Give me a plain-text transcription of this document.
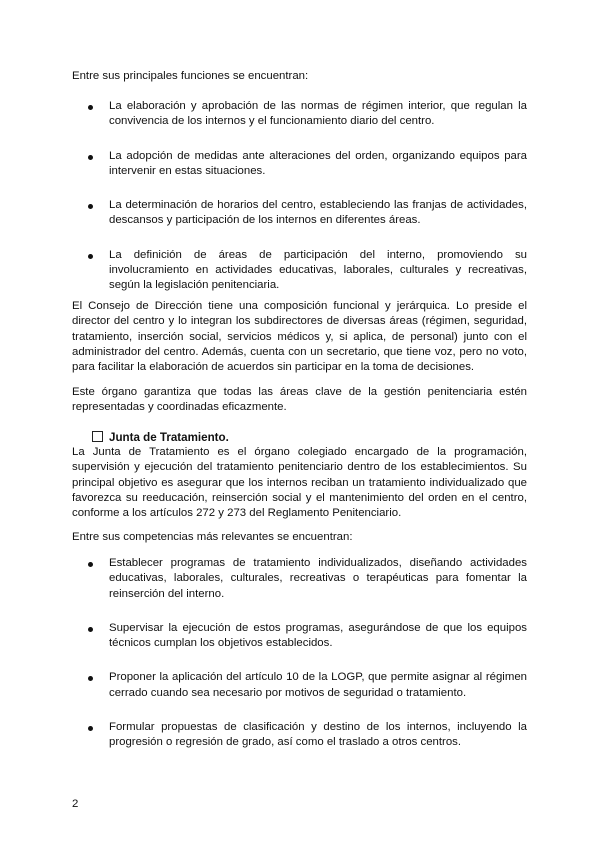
Entre sus principales funciones se encuentran:

La elaboración y aprobación de las normas de régimen interior, que regulan la convivencia de los internos y el funcionamiento diario del centro.
La adopción de medidas ante alteraciones del orden, organizando equipos para intervenir en estas situaciones.
La determinación de horarios del centro, estableciendo las franjas de actividades, descansos y participación de los internos en diferentes áreas.
La definición de áreas de participación del interno, promoviendo su involucramiento en actividades educativas, laborales, culturales y recreativas, según la legislación penitenciaria.

El Consejo de Dirección tiene una composición funcional y jerárquica. Lo preside el director del centro y lo integran los subdirectores de diversas áreas (régimen, seguridad, tratamiento, inserción social, servicios médicos y, si aplica, de personal) junto con el administrador del centro. Además, cuenta con un secretario, que tiene voz, pero no voto, para facilitar la elaboración de acuerdos sin participar en la toma de decisiones.

Este órgano garantiza que todas las áreas clave de la gestión penitenciaria estén representadas y coordinadas eficazmente.

Junta de Tratamiento.

La Junta de Tratamiento es el órgano colegiado encargado de la programación, supervisión y ejecución del tratamiento penitenciario dentro de los establecimientos. Su principal objetivo es asegurar que los internos reciban un tratamiento individualizado que favorezca su reeducación, reinserción social y el mantenimiento del orden en el centro, conforme a los artículos 272 y 273 del Reglamento Penitenciario.

Entre sus competencias más relevantes se encuentran:

Establecer programas de tratamiento individualizados, diseñando actividades educativas, laborales, culturales, recreativas o terapéuticas para fomentar la reinserción del interno.
Supervisar la ejecución de estos programas, asegurándose de que los equipos técnicos cumplan los objetivos establecidos.
Proponer la aplicación del artículo 10 de la LOGP, que permite asignar al régimen cerrado cuando sea necesario por motivos de seguridad o tratamiento.
Formular propuestas de clasificación y destino de los internos, incluyendo la progresión o regresión de grado, así como el traslado a otros centros.
2
